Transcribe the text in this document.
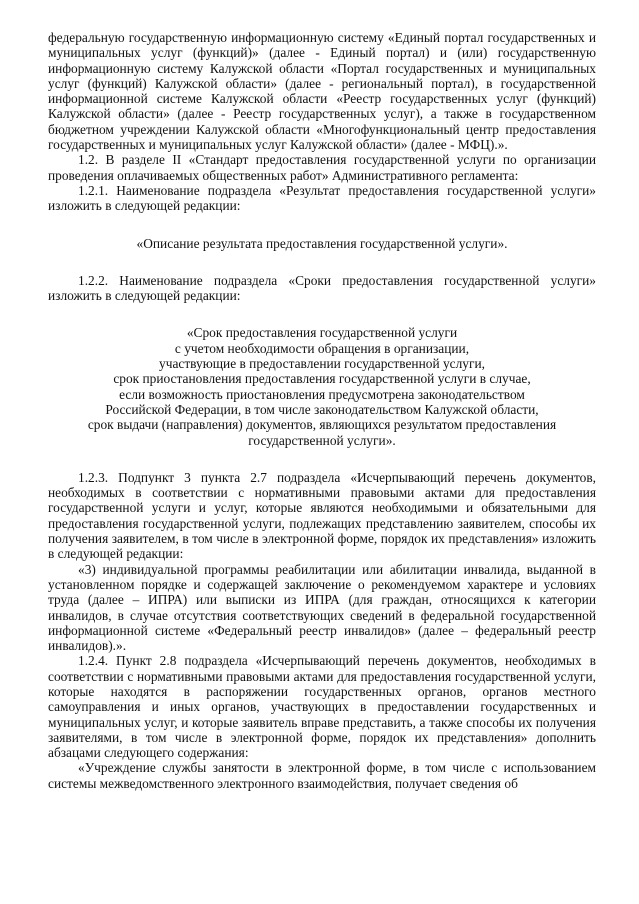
федеральную государственную информационную систему «Единый портал государственных и муниципальных услуг (функций)» (далее - Единый портал) и (или) государственную информационную систему Калужской области «Портал государственных и муниципальных услуг (функций) Калужской области» (далее - региональный портал), в государственной информационной системе Калужской области «Реестр государственных услуг (функций) Калужской области» (далее - Реестр государственных услуг), а также в государственном бюджетном учреждении Калужской области «Многофункциональный центр предоставления государственных и муниципальных услуг Калужской области» (далее - МФЦ).».

1.2. В разделе II «Стандарт предоставления государственной услуги по организации проведения оплачиваемых общественных работ» Административного регламента:

1.2.1. Наименование подраздела «Результат предоставления государственной услуги» изложить в следующей редакции:

«Описание результата предоставления государственной услуги».

1.2.2. Наименование подраздела «Сроки предоставления государственной услуги» изложить в следующей редакции:

«Срок предоставления государственной услуги

с учетом необходимости обращения в организации,

участвующие в предоставлении государственной услуги,

срок приостановления предоставления государственной услуги в случае,

если возможность приостановления предусмотрена законодательством

Российской Федерации, в том числе законодательством Калужской области,

срок выдачи (направления) документов, являющихся результатом предоставления

государственной услуги».

1.2.3. Подпункт 3 пункта 2.7 подраздела «Исчерпывающий перечень документов, необходимых в соответствии с нормативными правовыми актами для предоставления государственной услуги и услуг, которые являются необходимыми и обязательными для предоставления государственной услуги, подлежащих представлению заявителем, способы их получения заявителем, в том числе в электронной форме, порядок их представления» изложить в следующей редакции:

«3) индивидуальной программы реабилитации или абилитации инвалида, выданной в установленном порядке и содержащей заключение о рекомендуемом характере и условиях труда (далее – ИПРА) или выписки из ИПРА (для граждан, относящихся к категории инвалидов, в случае отсутствия соответствующих сведений в федеральной государственной информационной системе «Федеральный реестр инвалидов» (далее – федеральный реестр инвалидов).».

1.2.4. Пункт 2.8 подраздела «Исчерпывающий перечень документов, необходимых в соответствии с нормативными правовыми актами для предоставления государственной услуги, которые находятся в распоряжении государственных органов, органов местного самоуправления и иных органов, участвующих в предоставлении государственных и муниципальных услуг, и которые заявитель вправе представить, а также способы их получения заявителями, в том числе в электронной форме, порядок их представления» дополнить абзацами следующего содержания:

«Учреждение службы занятости в электронной форме, в том числе с использованием системы межведомственного электронного взаимодействия, получает сведения об
